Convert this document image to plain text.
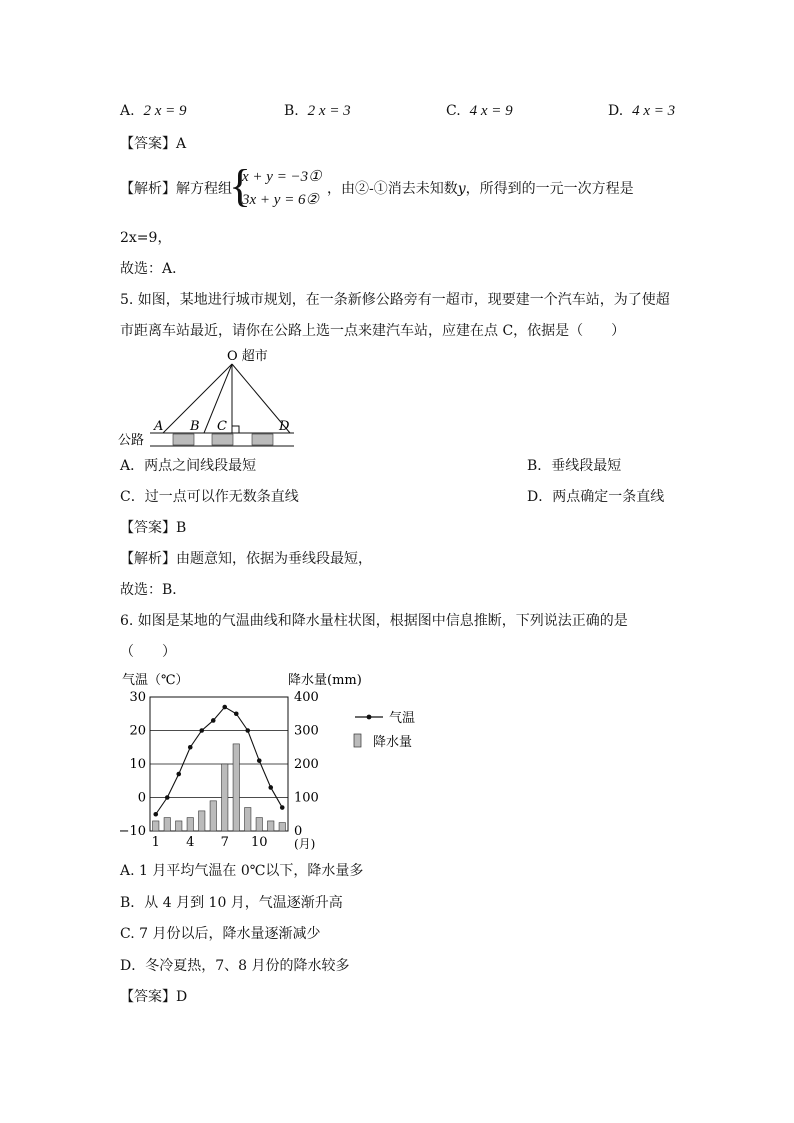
A. 2 x = 9	B. 2 x = 3	C. 4 x = 9	D. 4 x = 3
【答案】A
【解析】解方程组
{
x + y = −3①
3x + y = 6②
，由②-①消去未知数y，所得到的一元一次方程是
2x=9，
故选：A．
5. 如图，某地进行城市规划，在一条新修公路旁有一超市，现要建一个汽车站，为了使超
市距离车站最近，请你在公路上选一点来建汽车站，应建在点 C，依据是（　　）
O 超市
A B C	D
公路
A．两点之间线段最短	B．垂线段最短
C．过一点可以作无数条直线	D．两点确定一条直线
【答案】B
【解析】由题意知，依据为垂线段最短，
故选：B．
6. 如图是某地的气温曲线和降水量柱状图，根据图中信息推断，下列说法正确的是
（　　）
气温（℃）	降水量(mm)
30
20
10
0
−10
400
300
200
100
0
1 4 7 10 (月)
气温
降水量
A. 1 月平均气温在 0℃以下，降水量多
B．从 4 月到 10 月，气温逐渐升高
C. 7 月份以后，降水量逐渐减少
D．冬冷夏热，7、8 月份的降水较多
【答案】D
